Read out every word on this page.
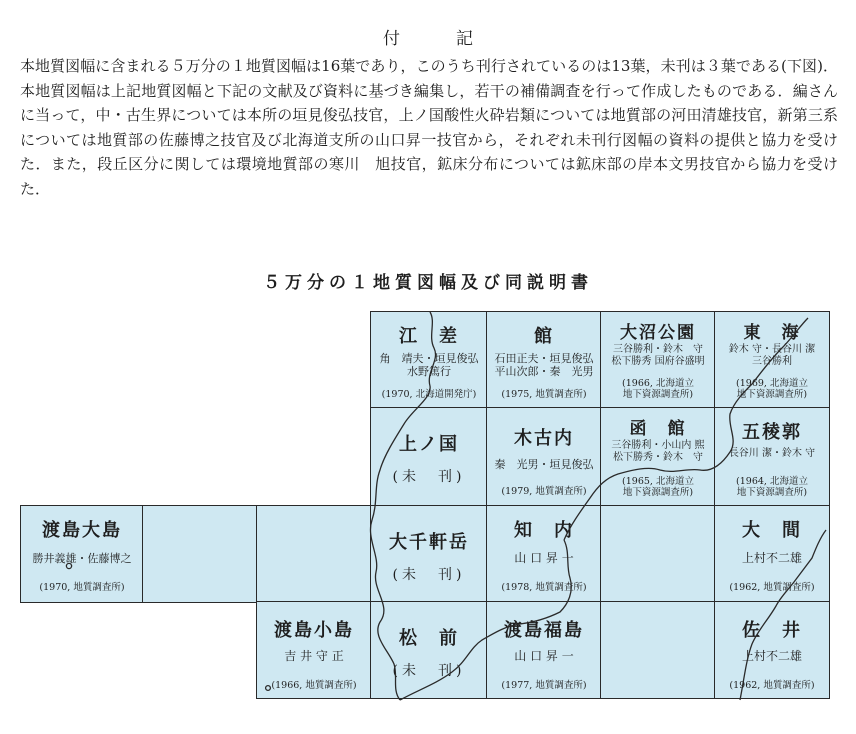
付記

本地質図幅に含まれる５万分の１地質図幅は16葉であり，このうち刊行されているのは13葉，未刊は３葉である(下図)．本地質図幅は上記地質図幅と下記の文献及び資料に基づき編集し，若干の補備調査を行って作成したものである．編さんに当って，中・古生界については本所の垣見俊弘技官，上ノ国酸性火砕岩類については地質部の河田清雄技官，新第三系については地質部の佐藤博之技官及び北海道支所の山口昇一技官から，それぞれ未刊行図幅の資料の提供と協力を受けた．また，段丘区分に関しては環境地質部の寒川　旭技官，鉱床分布については鉱床部の岸本文男技官から協力を受けた．

５万分の１地質図幅及び同説明書
江　差
角　靖夫・垣見俊弘
水野篤行
(1970, 北海道開発庁)
館
石田正夫・垣見俊弘
平山次郎・秦　光男
(1975, 地質調査所)
大沼公園
三谷勝利・鈴木　守
松下勝秀 国府谷盛明
(1966, 北海道立
地下資源調査所)
東　海
鈴木 守・長谷川 潔
三谷勝利
(1969, 北海道立
地下資源調査所)
上ノ国
(未　刊)
木古内
秦　光男・垣見俊弘
(1979, 地質調査所)
函　館
三谷勝利・小山内 熙
松下勝秀・鈴木　守
(1965, 北海道立
地下資源調査所)
五稜郭
長谷川 潔・鈴木 守
(1964, 北海道立
地下資源調査所)
渡島大島
勝井義雄・佐藤博之
(1970, 地質調査所)
大千軒岳
(未　刊)
知　内
山 口 昇 一
(1978, 地質調査所)
大　間
上村不二雄
(1962, 地質調査所)
渡島小島
吉 井 守 正
(1966, 地質調査所)
松　前
(未　刊)
渡島福島
山 口 昇 一
(1977, 地質調査所)
佐　井
上村不二雄
(1962, 地質調査所)
